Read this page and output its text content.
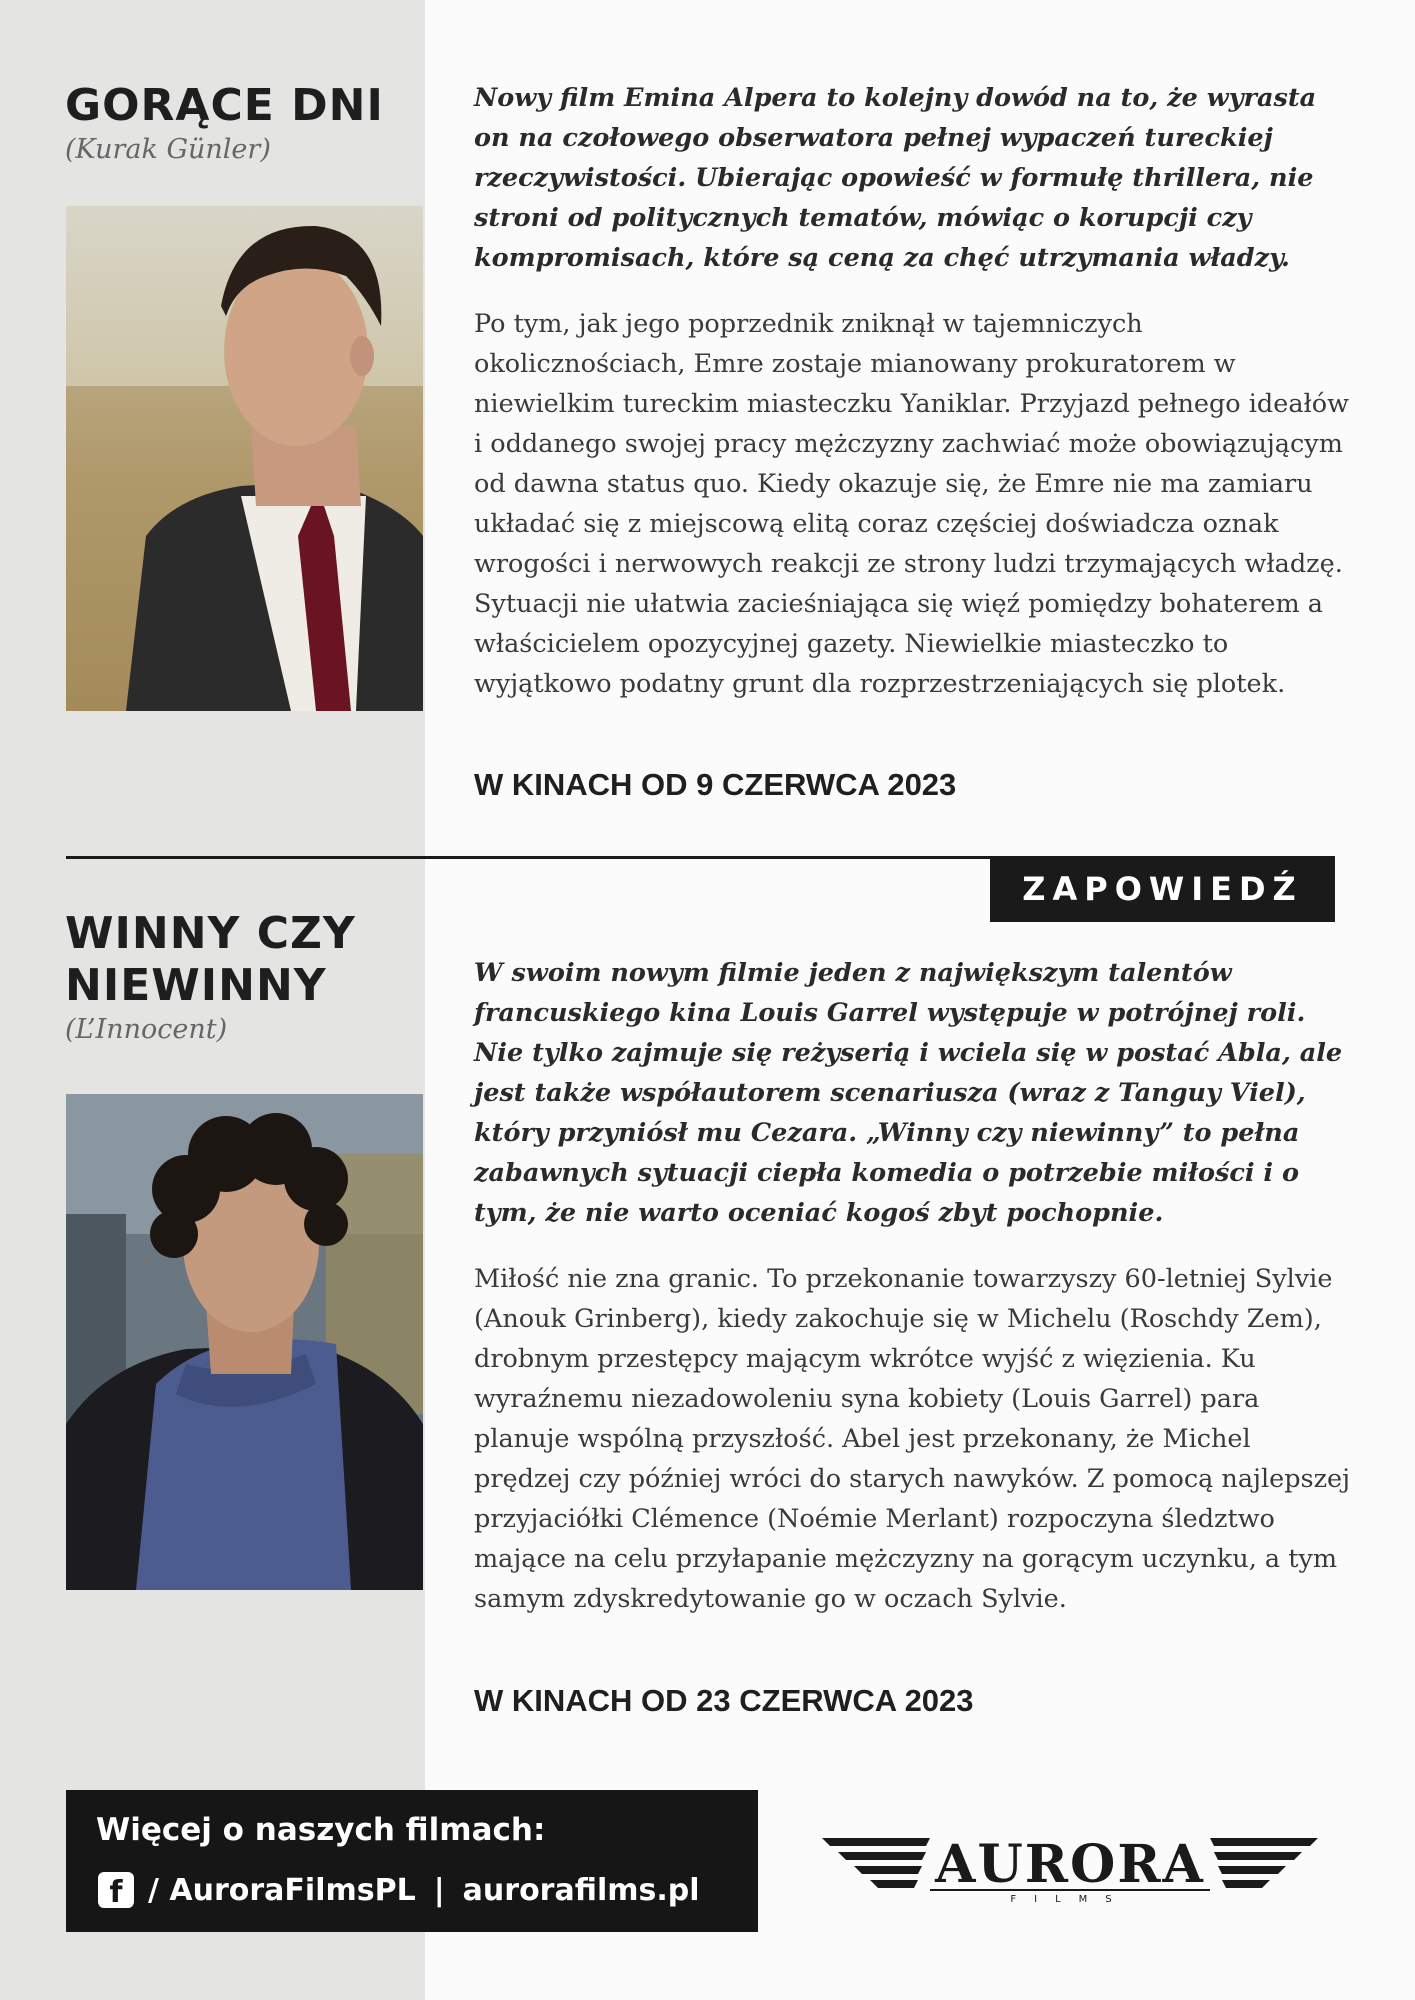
GORĄCE DNI

(Kurak Günler)

Nowy film Emina Alpera to kolejny dowód na to, że wyrasta on na czołowego obserwatora pełnej wypaczeń tureckiej rzeczywistości. Ubierając opowieść w formułę thrillera, nie stroni od politycznych tematów, mówiąc o korupcji czy kompromisach, które są ceną za chęć utrzymania władzy.

Po tym, jak jego poprzednik zniknął w tajemniczych okolicznościach, Emre zostaje mianowany prokuratorem w niewielkim tureckim miasteczku Yaniklar. Przyjazd pełnego ideałów i oddanego swojej pracy mężczyzny zachwiać może obowiązującym od dawna status quo. Kiedy okazuje się, że Emre nie ma zamiaru układać się z miejscową elitą coraz częściej doświadcza oznak wrogości i nerwowych reakcji ze strony ludzi trzymających władzę. Sytuacji nie ułatwia zacieśniająca się więź pomiędzy bohaterem a właścicielem opozycyjnej gazety. Niewielkie miasteczko to wyjątkowo podatny grunt dla rozprzestrzeniających się plotek.

W KINACH OD 9 CZERWCA 2023

ZAPOWIEDŹ
WINNY CZY
NIEWINNY

(L’Innocent)

W swoim nowym filmie jeden z największym talentów francuskiego kina Louis Garrel występuje w potrójnej roli. Nie tylko zajmuje się reżyserią i wciela się w postać Abla, ale jest także współautorem scenariusza (wraz z Tanguy Viel), który przyniósł mu Cezara. „Winny czy niewinny” to pełna zabawnych sytuacji ciepła komedia o potrzebie miłości i o tym, że nie warto oceniać kogoś zbyt pochopnie.

Miłość nie zna granic. To przekonanie towarzyszy 60-letniej Sylvie (Anouk Grinberg), kiedy zakochuje się w Michelu (Roschdy Zem), drobnym przestępcy mającym wkrótce wyjść z więzienia. Ku wyraźnemu niezadowoleniu syna kobiety (Louis Garrel) para planuje wspólną przyszłość. Abel jest przekonany, że Michel prędzej czy później wróci do starych nawyków. Z pomocą najlepszej przyjaciółki Clémence (Noémie Merlant) rozpoczyna śledztwo mające na celu przyłapanie mężczyzny na gorącym uczynku, a tym samym zdyskredytowanie go w oczach Sylvie.

W KINACH OD 23 CZERWCA 2023

Więcej o naszych filmach:
f / AuroraFilmsPL | aurorafilms.pl	AURORA
FILMS
